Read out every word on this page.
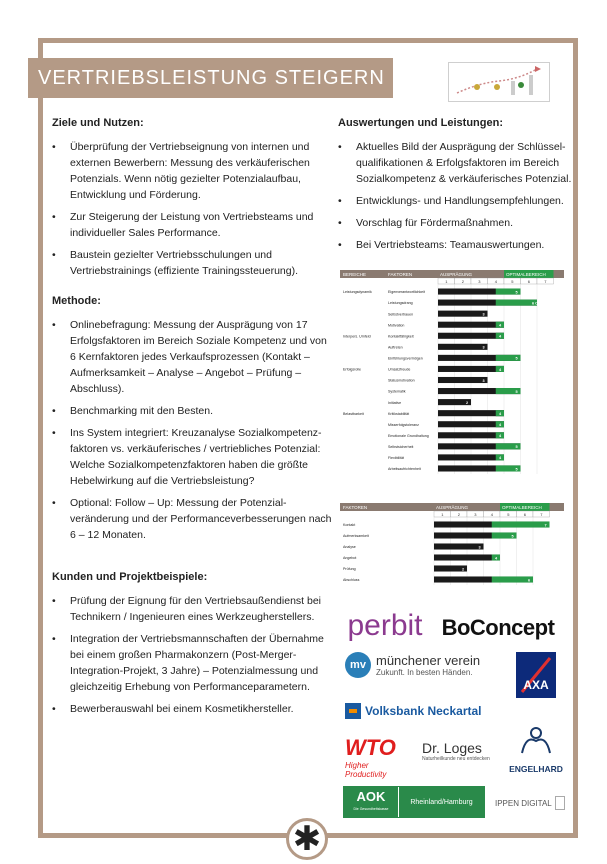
VERTRIEBSLEISTUNG STEIGERN
Ziele und Nutzen:
• Überprüfung der Vertriebseignung von internen und externen Bewerbern: Messung des verkäuferischen Potenzials. Wenn nötig gezielter Potenzialaufbau, Entwicklung und Förderung.
• Zur Steigerung der Leistung von Vertriebsteams und individueller Sales Performance.
• Baustein gezielter Vertriebsschulungen und Vertriebstrainings (effiziente Trainingssteuerung).
Methode:
• Onlinebefragung: Messung der Ausprägung von 17 Erfolgsfaktoren im Bereich Soziale Kompetenz und von 6 Kernfaktoren jedes Verkaufsprozessen (Kontakt – Aufmerksamkeit – Analyse – Angebot – Prüfung – Abschluss).
• Benchmarking mit den Besten.
• Ins System integriert: Kreuzanalyse Sozialkompetenz-faktoren vs. verkäuferisches / vertriebliches Potenzial: Welche Sozialkompetenzfaktoren haben die größte Hebelwirkung auf die Vertriebsleistung?
• Optional: Follow – Up: Messung der Potenzial-veränderung und der Performanceverbesserungen nach 6 – 12 Monaten.
Kunden und Projektbeispiele:
• Prüfung der Eignung für den Vertriebsaußendienst bei Technikern / Ingenieuren eines Werkzeugherstellers.
• Integration der Vertriebsmannschaften der Übernahme bei einem großen Pharmakonzern (Post-Merger-Integration-Projekt, 3 Jahre) – Potenzialmessung und gleichzeitig Erhebung von Performanceparametern.
• Bewerberauswahl bei einem Kosmetikhersteller.
Auswertungen und Leistungen:
• Aktuelles Bild der Ausprägung der Schlüssel-qualifikationen & Erfolgsfaktoren im Bereich Sozialkompetenz & verkäuferisches Potenzial.
• Entwicklungs- und Handlungsempfehlungen.
• Vorschlag für Fördermaßnahmen.
• Bei Vertriebsteams: Teamauswertungen.
BEREICHE	FAKTOREN	AUSPRÄGUNG	OPTIMALBEREICH
1	2	3	4	5	6	7
Leistungsdynamik	Eigenverantwortlichkeit	5
Leistungsdrang	6 OSE
Selbstvertrauen	3
Motivation	4
Interpers. Umfeld	Kontaktfähigkeit	4
Auftreten	3
Einfühlungsvermögen	5
Erfolgsrolle	Umsatzfreude	4
Statusmotivation	3
Systematik	5
Initiative	2
Belastbarkeit	Kritikstabilität	4
Misserfolgstoleranz	4
Emotionale Grundhaltung	4
Selbstsicherheit	5
Flexibilität	4
Arbeitsaufrichtenheit	5
FAKTOREN	AUSPRÄGUNG	OPTIMALBEREICH
1	2	3	4	5	6	7
Kontakt	7
Aufmerksamkeit	5
Analyse	3
Angebot	4
Prüfung	2
Abschluss	6
perbit BoConcept
mv münchener verein
Zukunft. In besten Händen.
AXA
Volksbank Neckartal
WTO
Higher Productivity
Dr. Loges
Naturheilkunde neu entdecken
ENGELHARD
AOK
Die Gesundheitskasse
Rheinland/Hamburg	IPPEN DIGITAL
✱
